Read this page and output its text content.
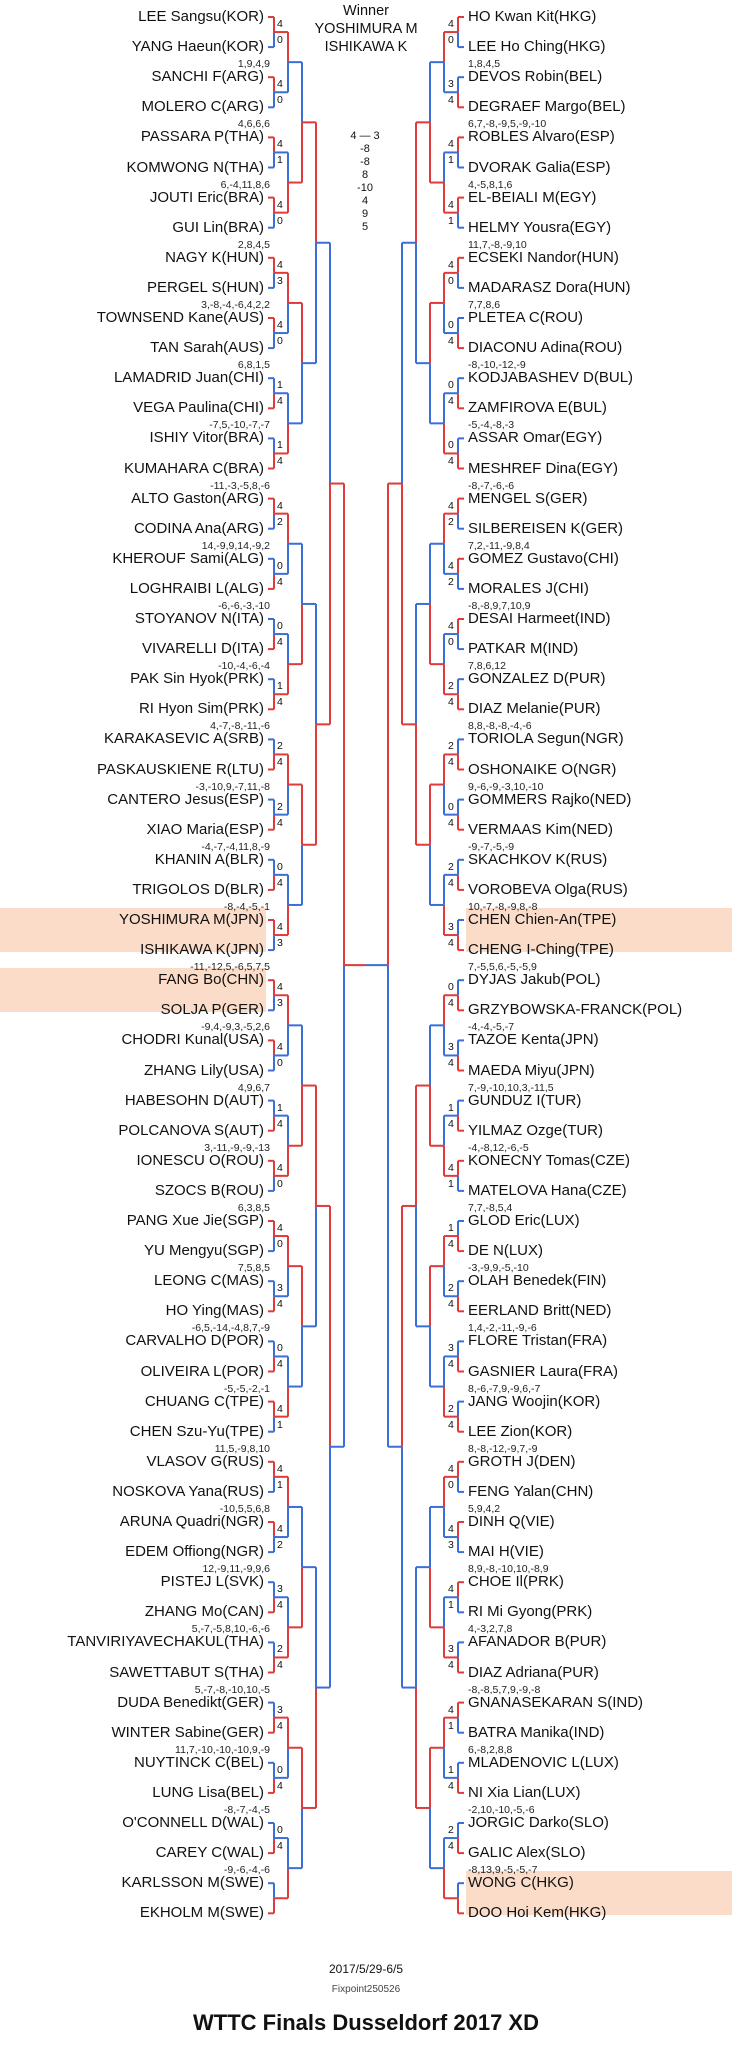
Winner
YOSHIMURA M
ISHIKAWA K
4 — 3
-8
-8
8
-10
4
9
5
2017/5/29-6/5
Fixpoint250526
WTTC Finals Dusseldorf 2017 XD
LEE Sangsu(KOR)
YANG Haeun(KOR)
SANCHI F(ARG)
MOLERO C(ARG)
PASSARA P(THA)
KOMWONG N(THA)
JOUTI Eric(BRA)
GUI Lin(BRA)
NAGY K(HUN)
PERGEL S(HUN)
TOWNSEND Kane(AUS)
TAN Sarah(AUS)
LAMADRID Juan(CHI)
VEGA Paulina(CHI)
ISHIY Vitor(BRA)
KUMAHARA C(BRA)
ALTO Gaston(ARG)
CODINA Ana(ARG)
KHEROUF Sami(ALG)
LOGHRAIBI L(ALG)
STOYANOV N(ITA)
VIVARELLI D(ITA)
PAK Sin Hyok(PRK)
RI Hyon Sim(PRK)
KARAKASEVIC A(SRB)
PASKAUSKIENE R(LTU)
CANTERO Jesus(ESP)
XIAO Maria(ESP)
KHANIN A(BLR)
TRIGOLOS D(BLR)
YOSHIMURA M(JPN)
ISHIKAWA K(JPN)
FANG Bo(CHN)
SOLJA P(GER)
CHODRI Kunal(USA)
ZHANG Lily(USA)
HABESOHN D(AUT)
POLCANOVA S(AUT)
IONESCU O(ROU)
SZOCS B(ROU)
PANG Xue Jie(SGP)
YU Mengyu(SGP)
LEONG C(MAS)
HO Ying(MAS)
CARVALHO D(POR)
OLIVEIRA L(POR)
CHUANG C(TPE)
CHEN Szu-Yu(TPE)
VLASOV G(RUS)
NOSKOVA Yana(RUS)
ARUNA Quadri(NGR)
EDEM Offiong(NGR)
PISTEJ L(SVK)
ZHANG Mo(CAN)
TANVIRIYAVECHAKUL(THA)
SAWETTABUT S(THA)
DUDA Benedikt(GER)
WINTER Sabine(GER)
NUYTINCK C(BEL)
LUNG Lisa(BEL)
O'CONNELL D(WAL)
CAREY C(WAL)
KARLSSON M(SWE)
EKHOLM M(SWE)
HO Kwan Kit(HKG)
LEE Ho Ching(HKG)
DEVOS Robin(BEL)
DEGRAEF Margo(BEL)
ROBLES Alvaro(ESP)
DVORAK Galia(ESP)
EL-BEIALI M(EGY)
HELMY Yousra(EGY)
ECSEKI Nandor(HUN)
MADARASZ Dora(HUN)
PLETEA C(ROU)
DIACONU Adina(ROU)
KODJABASHEV D(BUL)
ZAMFIROVA E(BUL)
ASSAR Omar(EGY)
MESHREF Dina(EGY)
MENGEL S(GER)
SILBEREISEN K(GER)
GOMEZ Gustavo(CHI)
MORALES J(CHI)
DESAI Harmeet(IND)
PATKAR M(IND)
GONZALEZ D(PUR)
DIAZ Melanie(PUR)
TORIOLA Segun(NGR)
OSHONAIKE O(NGR)
GOMMERS Rajko(NED)
VERMAAS Kim(NED)
SKACHKOV K(RUS)
VOROBEVA Olga(RUS)
CHEN Chien-An(TPE)
CHENG I-Ching(TPE)
DYJAS Jakub(POL)
GRZYBOWSKA-FRANCK(POL)
TAZOE Kenta(JPN)
MAEDA Miyu(JPN)
GUNDUZ I(TUR)
YILMAZ Ozge(TUR)
KONECNY Tomas(CZE)
MATELOVA Hana(CZE)
GLOD Eric(LUX)
DE N(LUX)
OLAH Benedek(FIN)
EERLAND Britt(NED)
FLORE Tristan(FRA)
GASNIER Laura(FRA)
JANG Woojin(KOR)
LEE Zion(KOR)
GROTH J(DEN)
FENG Yalan(CHN)
DINH Q(VIE)
MAI H(VIE)
CHOE Il(PRK)
RI Mi Gyong(PRK)
AFANADOR B(PUR)
DIAZ Adriana(PUR)
GNANASEKARAN S(IND)
BATRA Manika(IND)
MLADENOVIC L(LUX)
NI Xia Lian(LUX)
JORGIC Darko(SLO)
GALIC Alex(SLO)
WONG C(HKG)
DOO Hoi Kem(HKG)
4
0
1,9,4,9
4
0
4,6,6,6
4
1
6,-4,11,8,6
4
0
2,8,4,5
4
3
3,-8,-4,-6,4,2,2
4
0
6,8,1,5
1
4
-7,5,-10,-7,-7
1
4
-11,-3,-5,8,-6
4
2
14,-9,9,14,-9,2
0
4
-6,-6,-3,-10
0
4
-10,-4,-6,-4
1
4
4,-7,-8,-11,-6
2
4
-3,-10,9,-7,11,-8
2
4
-4,-7,-4,11,8,-9
0
4
-8,-4,-5,-1
4
3
-11,-12,5,-6,5,7,5
4
3
-9,4,-9,3,-5,2,6
4
0
4,9,6,7
1
4
3,-11,-9,-9,-13
4
0
6,3,8,5
4
0
7,5,8,5
3
4
-6,5,-14,-4,8,7,-9
0
4
-5,-5,-2,-1
4
1
11,5,-9,8,10
4
1
-10,5,5,6,8
4
2
12,-9,11,-9,9,6
3
4
5,-7,-5,8,10,-6,-6
2
4
5,-7,-8,-10,10,-5
3
4
11,7,-10,-10,-10,9,-9
0
4
-8,-7,-4,-5
0
4
-9,-6,-4,-6
4
0
1,8,4,5
3
4
6,7,-8,-9,5,-9,-10
4
1
4,-5,8,1,6
4
1
11,7,-8,-9,10
4
0
7,7,8,6
0
4
-8,-10,-12,-9
0
4
-5,-4,-8,-3
0
4
-8,-7,-6,-6
4
2
7,2,-11,-9,8,4
4
2
-8,-8,9,7,10,9
4
0
7,8,6,12
2
4
8,8,-8,-8,-4,-6
2
4
9,-6,-9,-3,10,-10
0
4
-9,-7,-5,-9
2
4
10,-7,-8,-9,8,-8
3
4
7,-5,5,6,-5,-5,9
0
4
-4,-4,-5,-7
3
4
7,-9,-10,10,3,-11,5
1
4
-4,-8,12,-6,-5
4
1
7,7,-8,5,4
1
4
-3,-9,9,-5,-10
2
4
1,4,-2,-11,-9,-6
3
4
8,-6,-7,9,-9,6,-7
2
4
8,-8,-12,-9,7,-9
4
0
5,9,4,2
4
3
8,9,-8,-10,10,-8,9
4
1
4,-3,2,7,8
3
4
-8,-8,5,7,9,-9,-8
4
1
6,-8,2,8,8
1
4
-2,10,-10,-5,-6
2
4
-8,13,9,-5,-5,-7
